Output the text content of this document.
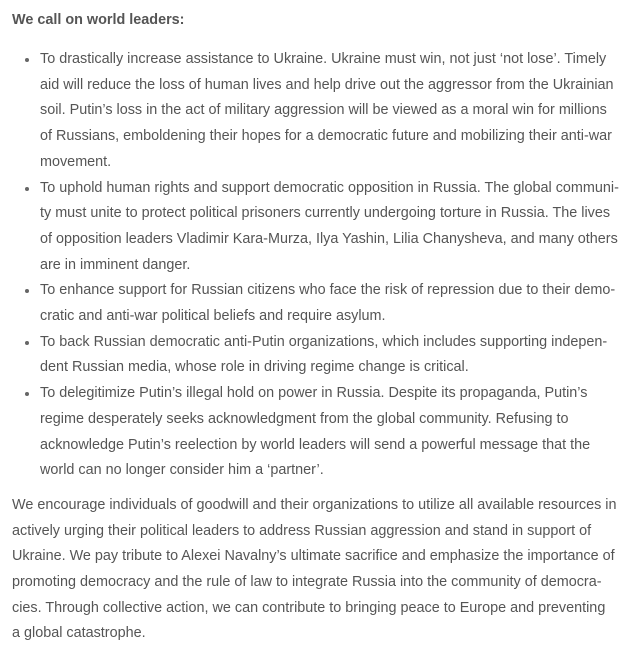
We call on world leaders:

To drastically increase assistance to Ukraine. Ukraine must win, not just ‘not lose’. Timely
aid will reduce the loss of human lives and help drive out the aggressor from the Ukrainian
soil. Putin’s loss in the act of military aggression will be viewed as a moral win for millions
of Russians, emboldening their hopes for a democratic future and mobilizing their anti-war
movement.
To uphold human rights and support democratic opposition in Russia. The global communi-
ty must unite to protect political prisoners currently undergoing torture in Russia. The lives
of opposition leaders Vladimir Kara-Murza, Ilya Yashin, Lilia Chanysheva, and many others
are in imminent danger.
To enhance support for Russian citizens who face the risk of repression due to their demo-
cratic and anti-war political beliefs and require asylum.
To back Russian democratic anti-Putin organizations, which includes supporting indepen-
dent Russian media, whose role in driving regime change is critical.
To delegitimize Putin’s illegal hold on power in Russia. Despite its propaganda, Putin’s
regime desperately seeks acknowledgment from the global community. Refusing to
acknowledge Putin’s reelection by world leaders will send a powerful message that the
world can no longer consider him a ‘partner’.

We encourage individuals of goodwill and their organizations to utilize all available resources in
actively urging their political leaders to address Russian aggression and stand in support of
Ukraine. We pay tribute to Alexei Navalny’s ultimate sacrifice and emphasize the importance of
promoting democracy and the rule of law to integrate Russia into the community of democra-
cies. Through collective action, we can contribute to bringing peace to Europe and preventing
a global catastrophe.
